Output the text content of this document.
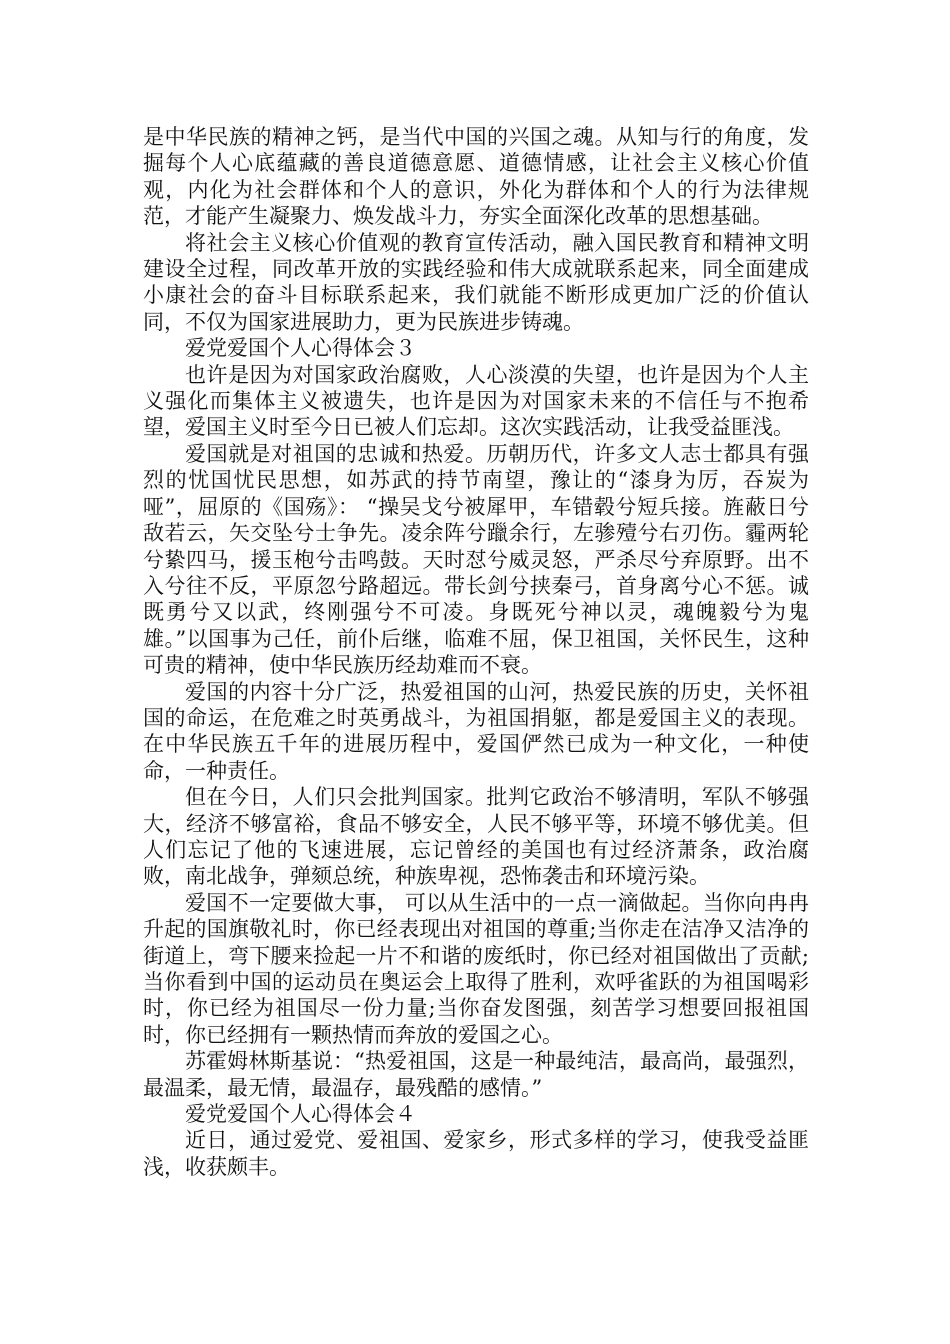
是中华民族的精神之钙，是当代中国的兴国之魂。从知与行的角度，发掘每个人心底蕴藏的善良道德意愿、道德情感，让社会主义核心价值观，内化为社会群体和个人的意识，外化为群体和个人的行为法律规范，才能产生凝聚力、焕发战斗力，夯实全面深化改革的思想基础。

将社会主义核心价值观的教育宣传活动，融入国民教育和精神文明建设全过程，同改革开放的实践经验和伟大成就联系起来，同全面建成小康社会的奋斗目标联系起来，我们就能不断形成更加广泛的价值认同，不仅为国家进展助力，更为民族进步铸魂。

爱党爱国个人心得体会３

也许是因为对国家政治腐败，人心淡漠的失望，也许是因为个人主义强化而集体主义被遗失，也许是因为对国家未来的不信任与不抱希望，爱国主义时至今日已被人们忘却。这次实践活动，让我受益匪浅。

爱国就是对祖国的忠诚和热爱。历朝历代，许多文人志士都具有强烈的忧国忧民思想，如苏武的持节南望，豫让的“漆身为厉，吞炭为哑”，屈原的《国殇》： “操吴戈兮被犀甲，车错毂兮短兵接。旌蔽日兮敌若云，矢交坠兮士争先。凌余阵兮躐余行，左骖殪兮右刃伤。霾两轮兮絷四马，援玉枹兮击鸣鼓。天时怼兮威灵怒，严杀尽兮弃原野。出不入兮往不反，平原忽兮路超远。带长剑兮挟秦弓，首身离兮心不惩。诚既勇兮又以武，终刚强兮不可凌。身既死兮神以灵，魂魄毅兮为鬼雄。”以国事为己任，前仆后继，临难不屈，保卫祖国，关怀民生，这种可贵的精神，使中华民族历经劫难而不衰。

爱国的内容十分广泛，热爱祖国的山河，热爱民族的历史，关怀祖国的命运，在危难之时英勇战斗，为祖国捐躯，都是爱国主义的表现。在中华民族五千年的进展历程中，爱国俨然已成为一种文化，一种使命，一种责任。

但在今日，人们只会批判国家。批判它政治不够清明，军队不够强大，经济不够富裕，食品不够安全，人民不够平等，环境不够优美。但人们忘记了他的飞速进展，忘记曾经的美国也有过经济萧条，政治腐败，南北战争，弹颏总统，种族卑视，恐怖袭击和环境污染。

爱国不一定要做大事， 可以从生活中的一点一滴做起。当你向冉冉升起的国旗敬礼时，你已经表现出对祖国的尊重;当你走在洁净又洁净的街道上，弯下腰来捡起一片不和谐的废纸时，你已经对祖国做出了贡献;当你看到中国的运动员在奥运会上取得了胜利，欢呼雀跃的为祖国喝彩时，你已经为祖国尽一份力量;当你奋发图强，刻苦学习想要回报祖国时，你已经拥有一颗热情而奔放的爱国之心。

苏霍姆林斯基说：“热爱祖国，这是一种最纯洁，最高尚，最强烈，最温柔，最无情，最温存，最残酷的感情。”

爱党爱国个人心得体会４

近日，通过爱党、爱祖国、爱家乡，形式多样的学习，使我受益匪浅，收获颇丰。
